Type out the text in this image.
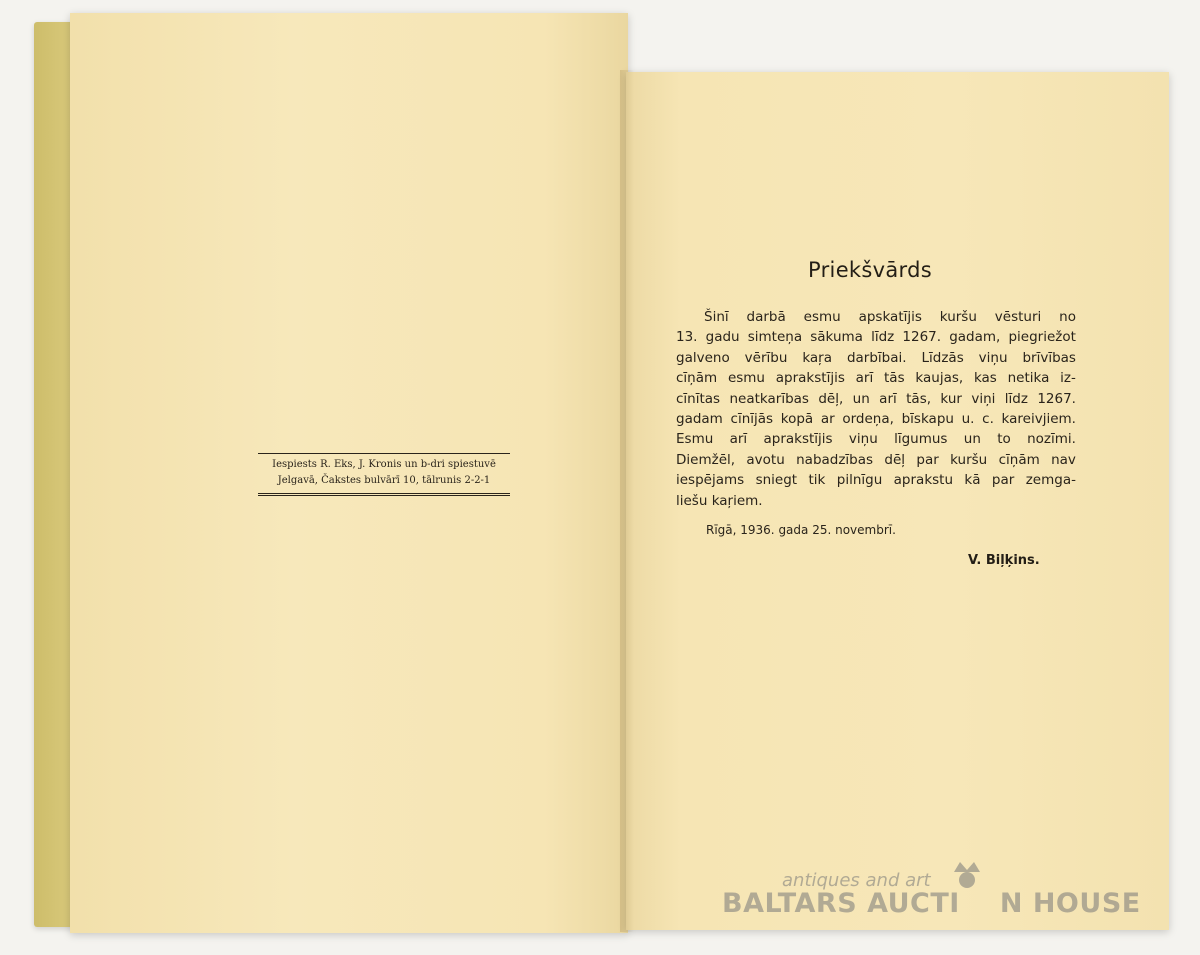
Iespiests R. Eks, J. Kronis un b-dri spiestuvē
Jelgavā, Čakstes bulvārī 10, tālrunis 2-2-1
Priekšvārds
Šinī darbā esmu apskatījis kuršu vēsturi no
13. gadu simteņa sākuma līdz 1267. gadam, piegriežot
galveno vērību kaŗa darbībai. Līdzās viņu brīvības
cīņām esmu aprakstījis arī tās kaujas, kas netika iz-
cīnītas neatkarības dēļ, un arī tās, kur viņi līdz 1267.
gadam cīnījās kopā ar ordeņa, bīskapu u. c. kareivjiem.
Esmu arī aprakstījis viņu līgumus un to nozīmi.
Diemžēl, avotu nabadzības dēļ par kuršu cīņām nav
iespējams sniegt tik pilnīgu aprakstu kā par zemga-
liešu kaŗiem.
Rīgā, 1936. gada 25. novembrī.
V. Biļķins.
antiques and art
BALTARS AUCTI N HOUSE
